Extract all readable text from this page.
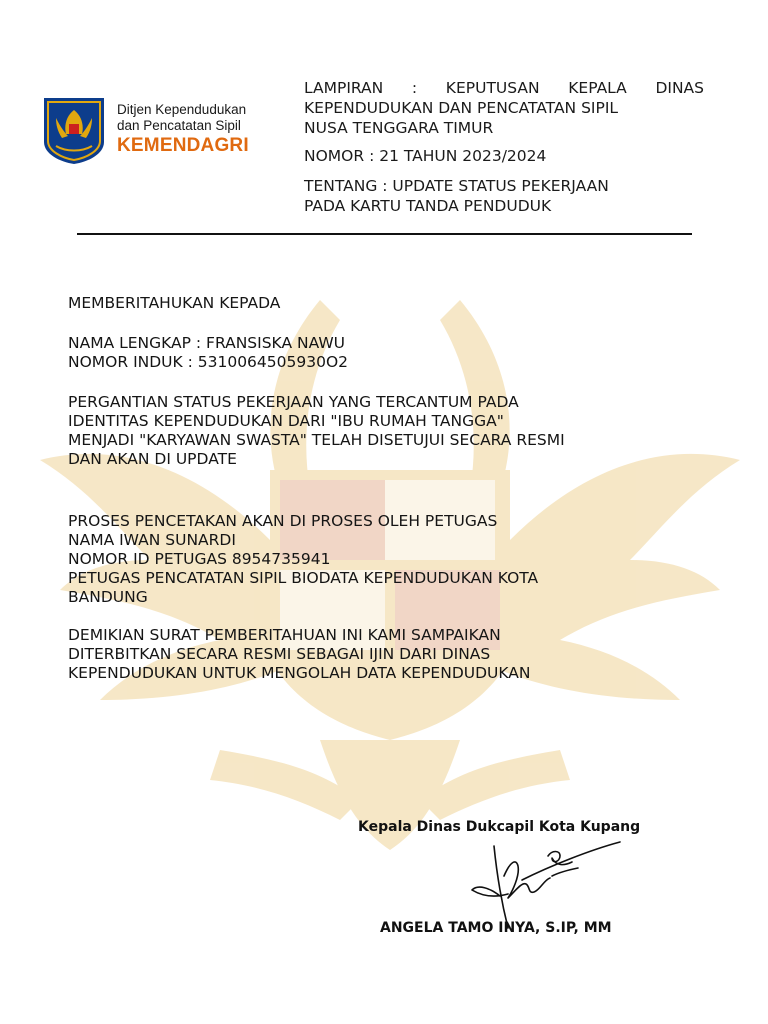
Ditjen Kependudukan
dan Pencatatan Sipil
KEMENDAGRI
LAMPIRAN : KEPUTUSAN KEPALA DINAS
KEPENDUDUKAN DAN PENCATATAN SIPIL
NUSA TENGGARA TIMUR
NOMOR : 21 TAHUN 2023/2024
TENTANG : UPDATE STATUS PEKERJAAN
PADA KARTU TANDA PENDUDUK
MEMBERITAHUKAN KEPADA
NAMA LENGKAP : FRANSISKA NAWU
NOMOR INDUK : 5310064505930O2
PERGANTIAN STATUS PEKERJAAN YANG TERCANTUM PADA
IDENTITAS KEPENDUDUKAN DARI "IBU RUMAH TANGGA"
MENJADI "KARYAWAN SWASTA" TELAH DISETUJUI SECARA RESMI
DAN AKAN DI UPDATE
PROSES PENCETAKAN AKAN DI PROSES OLEH PETUGAS
NAMA IWAN SUNARDI
NOMOR ID PETUGAS 8954735941
PETUGAS PENCATATAN SIPIL BIODATA KEPENDUDUKAN KOTA
BANDUNG
DEMIKIAN SURAT PEMBERITAHUAN INI KAMI SAMPAIKAN
DITERBITKAN SECARA RESMI SEBAGAI IJIN DARI DINAS
KEPENDUDUKAN UNTUK MENGOLAH DATA KEPENDUDUKAN
Kepala Dinas Dukcapil Kota Kupang
ANGELA TAMO INYA, S.IP, MM
